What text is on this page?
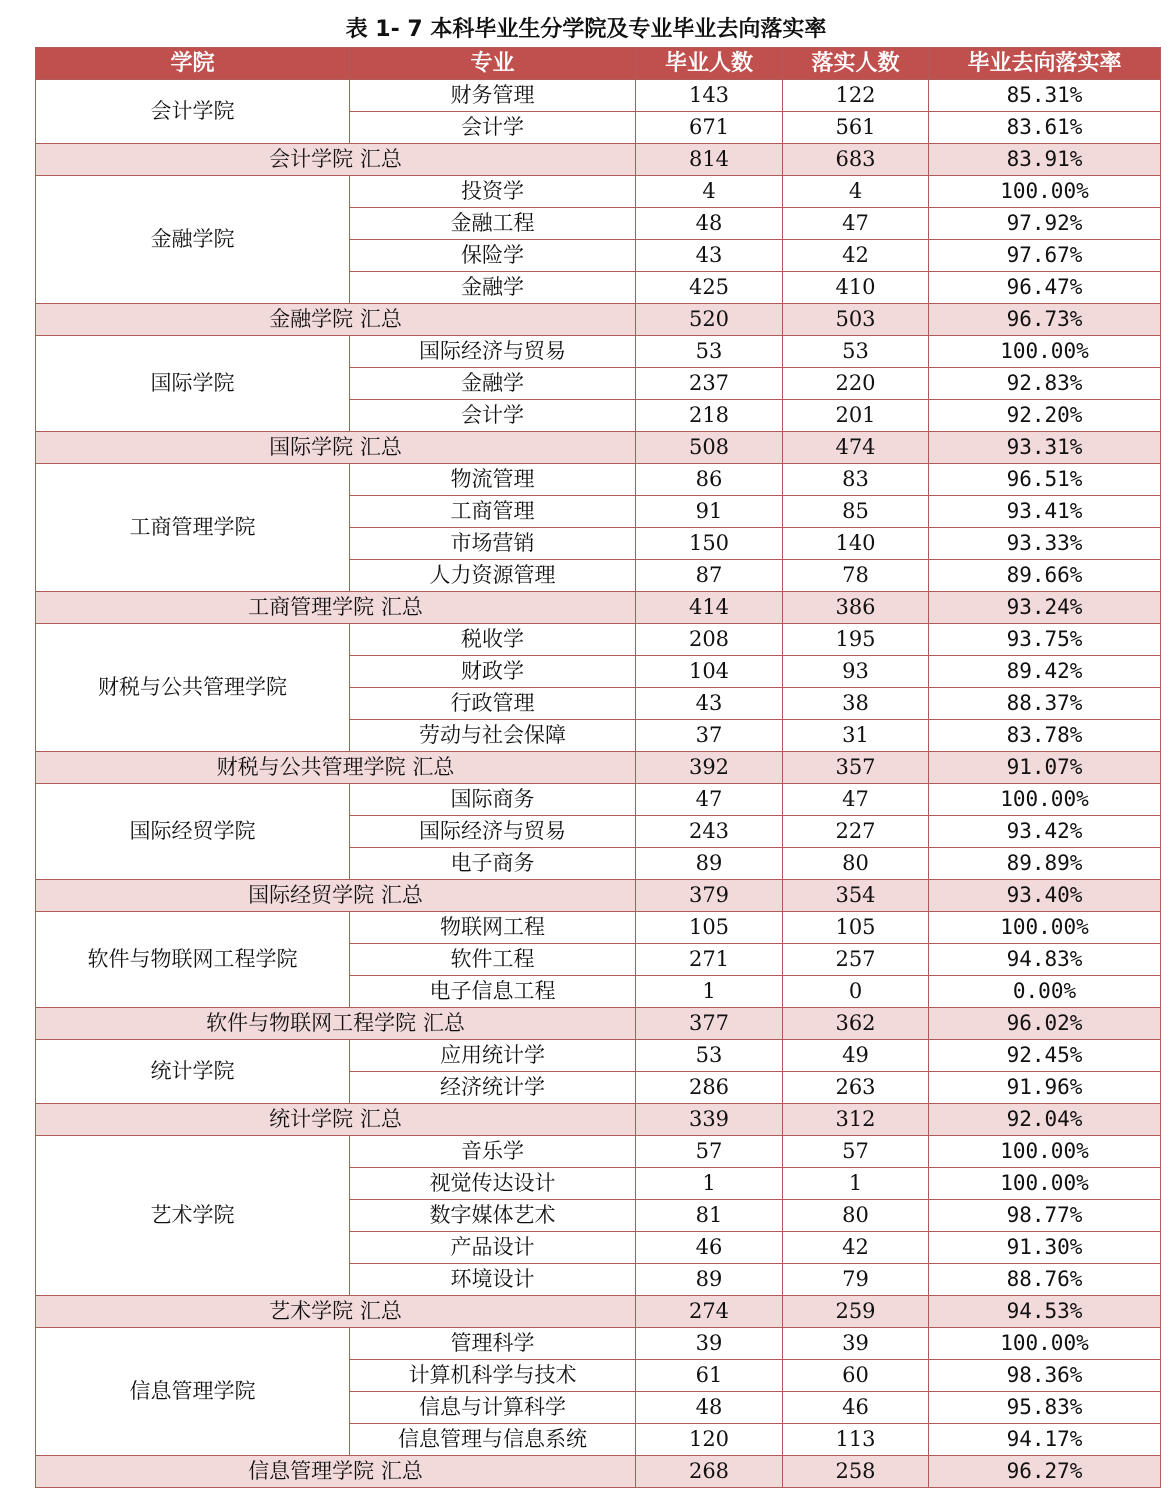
表 1- 7 本科毕业生分学院及专业毕业去向落实率
学院	专业	毕业人数	落实人数	毕业去向落实率
会计学院	财务管理	143	122	85.31%
	会计学	671	561	83.61%
会计学院 汇总		814	683	83.91%
金融学院	投资学	4	4	100.00%
	金融工程	48	47	97.92%
	保险学	43	42	97.67%
	金融学	425	410	96.47%
金融学院 汇总		520	503	96.73%
国际学院	国际经济与贸易	53	53	100.00%
	金融学	237	220	92.83%
	会计学	218	201	92.20%
国际学院 汇总		508	474	93.31%
工商管理学院	物流管理	86	83	96.51%
	工商管理	91	85	93.41%
	市场营销	150	140	93.33%
	人力资源管理	87	78	89.66%
工商管理学院 汇总		414	386	93.24%
财税与公共管理学院	税收学	208	195	93.75%
	财政学	104	93	89.42%
	行政管理	43	38	88.37%
	劳动与社会保障	37	31	83.78%
财税与公共管理学院 汇总		392	357	91.07%
国际经贸学院	国际商务	47	47	100.00%
	国际经济与贸易	243	227	93.42%
	电子商务	89	80	89.89%
国际经贸学院 汇总		379	354	93.40%
软件与物联网工程学院	物联网工程	105	105	100.00%
	软件工程	271	257	94.83%
	电子信息工程	1	0	0.00%
软件与物联网工程学院 汇总		377	362	96.02%
统计学院	应用统计学	53	49	92.45%
	经济统计学	286	263	91.96%
统计学院 汇总		339	312	92.04%
艺术学院	音乐学	57	57	100.00%
	视觉传达设计	1	1	100.00%
	数字媒体艺术	81	80	98.77%
	产品设计	46	42	91.30%
	环境设计	89	79	88.76%
艺术学院 汇总		274	259	94.53%
信息管理学院	管理科学	39	39	100.00%
	计算机科学与技术	61	60	98.36%
	信息与计算科学	48	46	95.83%
	信息管理与信息系统	120	113	94.17%
信息管理学院 汇总		268	258	96.27%
